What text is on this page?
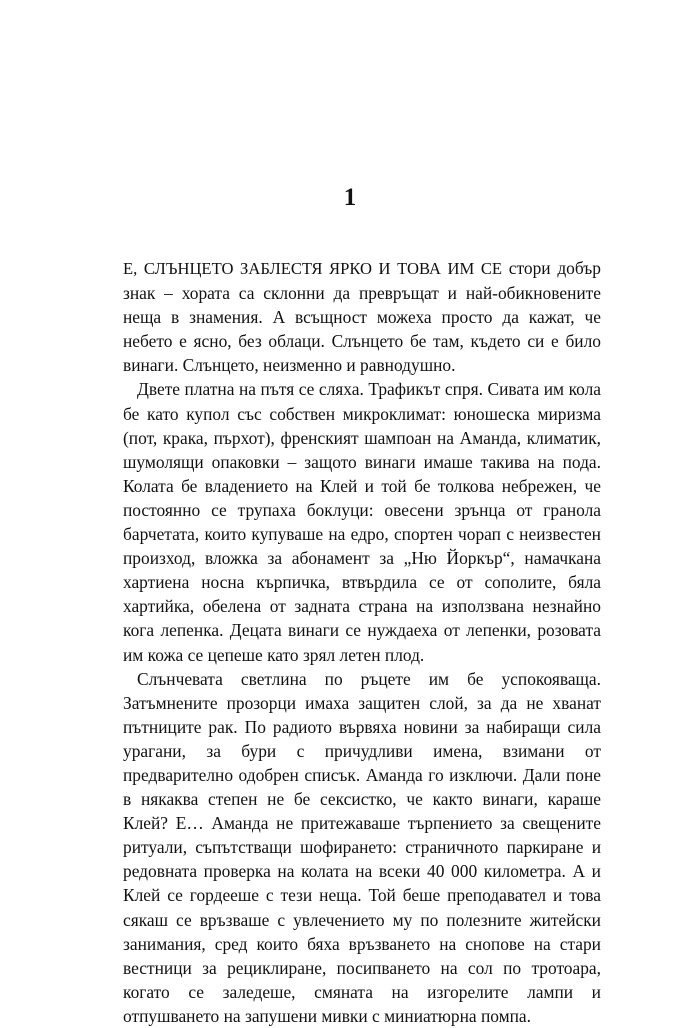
1

Е, СЛЪНЦЕТО ЗАБЛЕСТЯ ЯРКО И ТОВА ИМ СЕ стори добър знак – хората са склонни да превръщат и най-обикновените неща в знамения. А всъщност можеха просто да кажат, че небето е ясно, без облаци. Слънцето бе там, където си е било винаги. Слънцето, неизменно и равнодушно.

Двете платна на пътя се сляха. Трафикът спря. Сивата им кола бе като купол със собствен микроклимат: юношеска миризма (пот, крака, пърхот), френският шампоан на Аманда, климатик, шумолящи опаковки – защото винаги имаше такива на пода. Колата бе владението на Клей и той бе толкова небрежен, че постоянно се трупаха боклуци: овесени зрънца от гранола барчетата, които купуваше на едро, спортен чорап с неизвестен произход, вложка за абонамент за „Ню Йоркър“, намачкана хартиена носна кърпичка, втвърдила се от сополите, бяла хартийка, обелена от задната страна на използвана незнайно кога лепенка. Децата винаги се нуждаеха от лепенки, розовата им кожа се цепеше като зрял летен плод.

Слънчевата светлина по ръцете им бе успокояваща. Затъмнените прозорци имаха защитен слой, за да не хванат пътниците рак. По радиото вървяха новини за набиращи сила урагани, за бури с причудливи имена, взимани от предварително одобрен списък. Аманда го изключи. Дали поне в някаква степен не бе сексистко, че както винаги, караше Клей? Е… Аманда не притежаваше търпението за свещените ритуали, съпътстващи шофирането: страничното паркиране и редовната проверка на колата на всеки 40 000 километра. А и Клей се гордееше с тези неща. Той беше преподавател и това сякаш се връзваше с увлечението му по полезните житейски занимания, сред които бяха връзването на снопове на стари вестници за рециклиране, посипването на сол по тротоара, когато се заледеше, смяната на изгорелите лампи и отпушването на запушени мивки с миниатюрна помпа.
